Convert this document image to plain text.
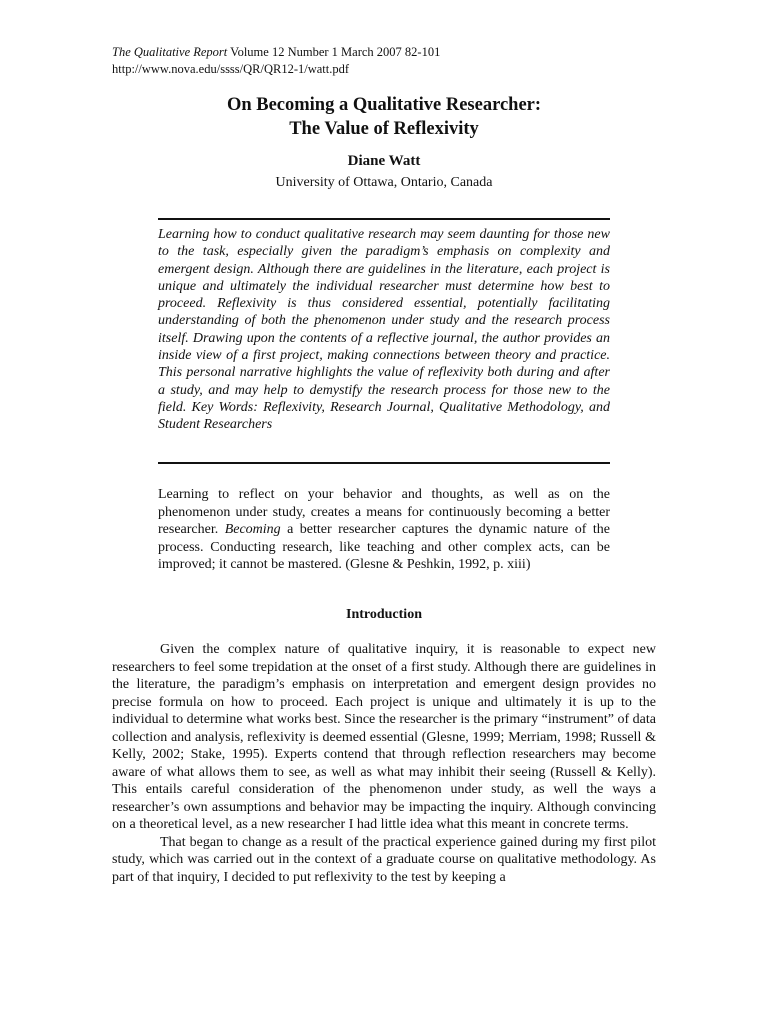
The Qualitative Report Volume 12 Number 1 March 2007 82-101
http://www.nova.edu/ssss/QR/QR12-1/watt.pdf
On Becoming a Qualitative Researcher:
The Value of Reflexivity
Diane Watt
University of Ottawa, Ontario, Canada
Learning how to conduct qualitative research may seem daunting for those new to the task, especially given the paradigm’s emphasis on complexity and emergent design. Although there are guidelines in the literature, each project is unique and ultimately the individual researcher must determine how best to proceed. Reflexivity is thus considered essential, potentially facilitating understanding of both the phenomenon under study and the research process itself. Drawing upon the contents of a reflective journal, the author provides an inside view of a first project, making connections between theory and practice. This personal narrative highlights the value of reflexivity both during and after a study, and may help to demystify the research process for those new to the field. Key Words: Reflexivity, Research Journal, Qualitative Methodology, and Student Researchers
Learning to reflect on your behavior and thoughts, as well as on the phenomenon under study, creates a means for continuously becoming a better researcher. Becoming a better researcher captures the dynamic nature of the process. Conducting research, like teaching and other complex acts, can be improved; it cannot be mastered. (Glesne & Peshkin, 1992, p. xiii)
Introduction

Given the complex nature of qualitative inquiry, it is reasonable to expect new researchers to feel some trepidation at the onset of a first study. Although there are guidelines in the literature, the paradigm’s emphasis on interpretation and emergent design provides no precise formula on how to proceed. Each project is unique and ultimately it is up to the individual to determine what works best. Since the researcher is the primary “instrument” of data collection and analysis, reflexivity is deemed essential (Glesne, 1999; Merriam, 1998; Russell & Kelly, 2002; Stake, 1995). Experts contend that through reflection researchers may become aware of what allows them to see, as well as what may inhibit their seeing (Russell & Kelly). This entails careful consideration of the phenomenon under study, as well the ways a researcher’s own assumptions and behavior may be impacting the inquiry. Although convincing on a theoretical level, as a new researcher I had little idea what this meant in concrete terms.

That began to change as a result of the practical experience gained during my first pilot study, which was carried out in the context of a graduate course on qualitative methodology. As part of that inquiry, I decided to put reflexivity to the test by keeping a
